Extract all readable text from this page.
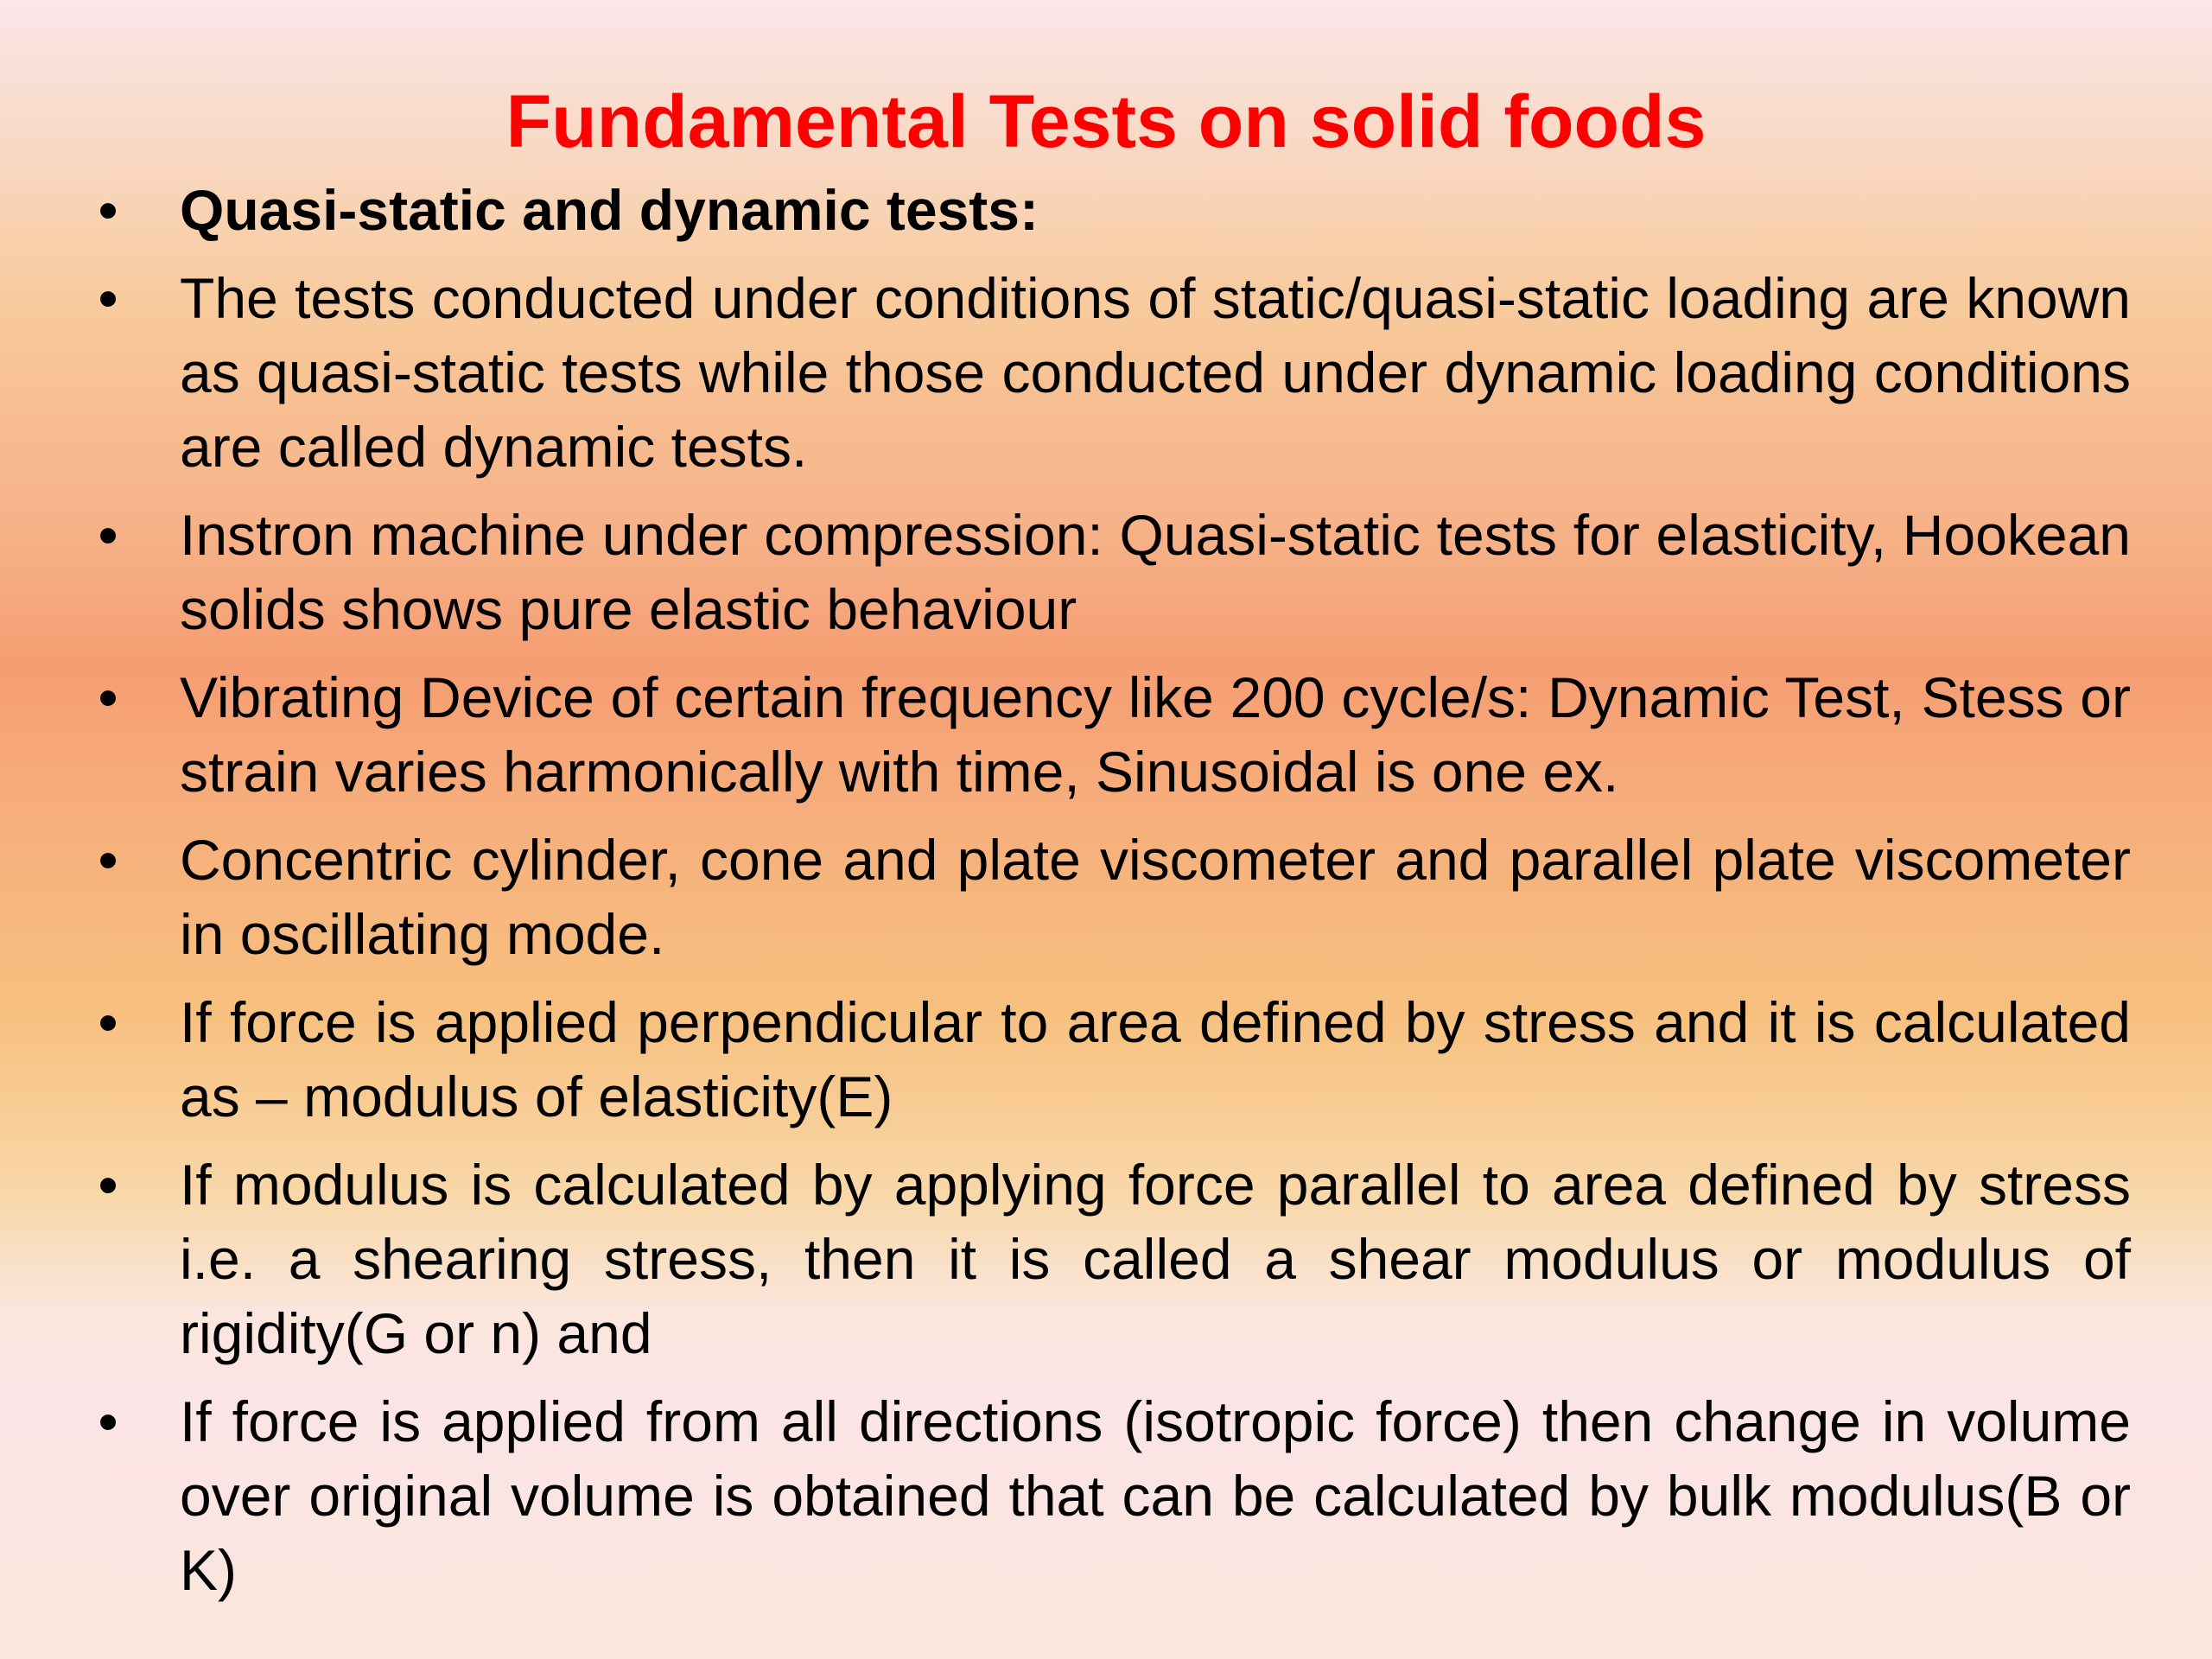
Fundamental Tests on solid foods
• Quasi-static and dynamic tests:
• The tests conducted under conditions of static/quasi-static loading are known as quasi-static tests while those conducted under dynamic loading conditions are called dynamic tests.
• Instron machine under compression: Quasi-static tests for elasticity, Hookean solids shows pure elastic behaviour
• Vibrating Device of certain frequency like 200 cycle/s: Dynamic Test, Stess or strain varies harmonically with time, Sinusoidal is one ex.
• Concentric cylinder, cone and plate viscometer and parallel plate viscometer in oscillating mode.
• If force is applied perpendicular to area defined by stress and it is calculated as – modulus of elasticity(E)
• If modulus is calculated by applying force parallel to area defined by stress i.e. a shearing stress, then it is called a shear modulus or modulus of rigidity(G or n) and
• If force is applied from all directions (isotropic force) then change in volume over original volume is obtained that can be calculated by bulk modulus(B or K)
